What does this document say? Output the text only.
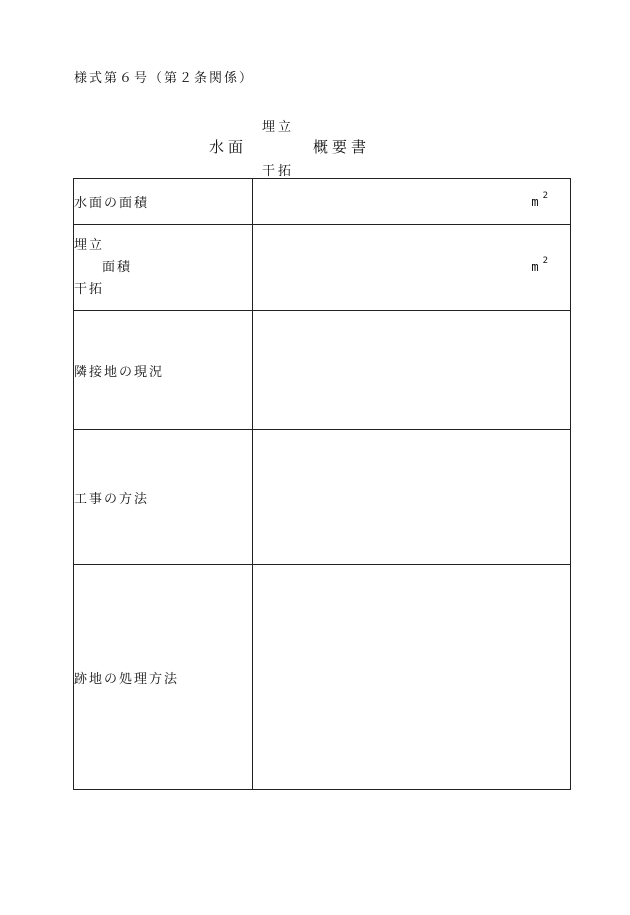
様式第６号（第２条関係）
埋立
水面	概要書
干拓
水面の面積	m $^2$

埋立
面積
干拓	m $^2$

隣接地の現況	
工事の方法	
跡地の処理方法	
